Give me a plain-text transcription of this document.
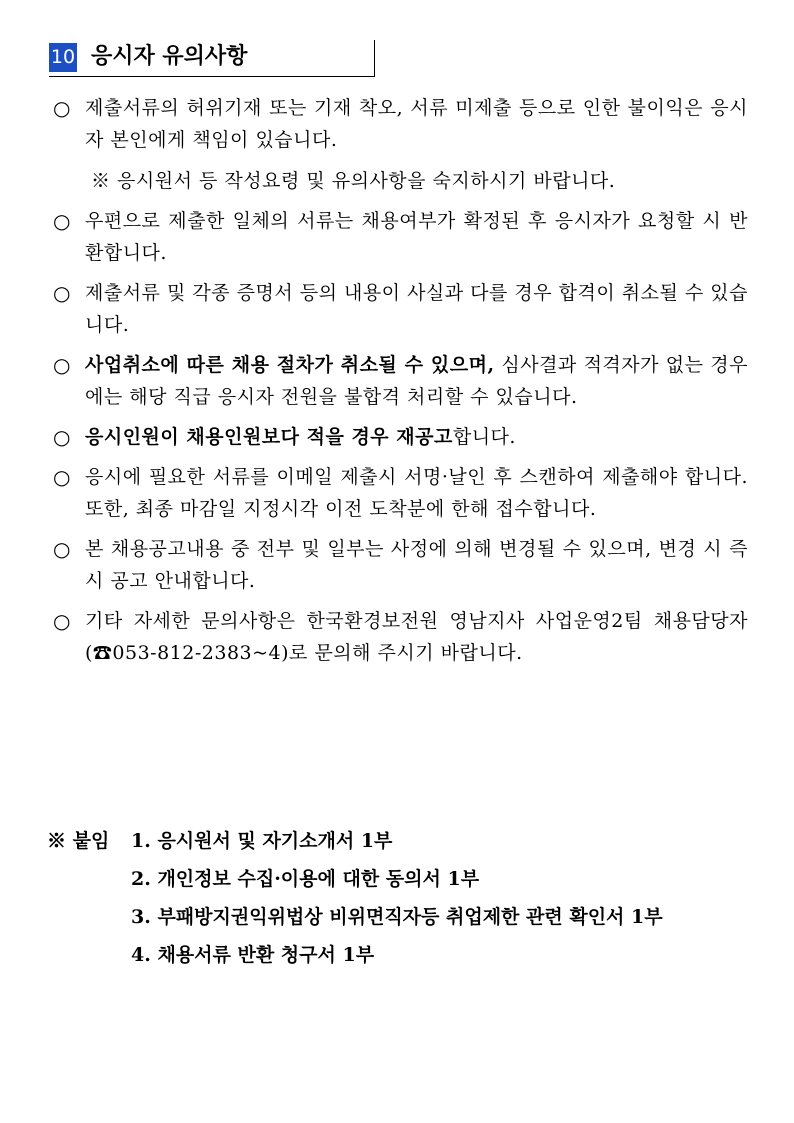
10 응시자 유의사항
○ 제출서류의 허위기재 또는 기재 착오, 서류 미제출 등으로 인한 불이익은 응시자 본인에게 책임이 있습니다.
※ 응시원서 등 작성요령 및 유의사항을 숙지하시기 바랍니다.
○ 우편으로 제출한 일체의 서류는 채용여부가 확정된 후 응시자가 요청할 시 반환합니다.
○ 제출서류 및 각종 증명서 등의 내용이 사실과 다를 경우 합격이 취소될 수 있습니다.
○ 사업취소에 따른 채용 절차가 취소될 수 있으며, 심사결과 적격자가 없는 경우에는 해당 직급 응시자 전원을 불합격 처리할 수 있습니다.
○ 응시인원이 채용인원보다 적을 경우 재공고합니다.
○ 응시에 필요한 서류를 이메일 제출시 서명·날인 후 스캔하여 제출해야 합니다. 또한, 최종 마감일 지정시각 이전 도착분에 한해 접수합니다.
○ 본 채용공고내용 중 전부 및 일부는 사정에 의해 변경될 수 있으며, 변경 시 즉시 공고 안내합니다.
○ 기타 자세한 문의사항은 한국환경보전원 영남지사 사업운영2팀 채용담당자(☎053-812-2383~4)로 문의해 주시기 바랍니다.
※ 붙임 1. 응시원서 및 자기소개서 1부
2. 개인정보 수집·이용에 대한 동의서 1부
3. 부패방지권익위법상 비위면직자등 취업제한 관련 확인서 1부
4. 채용서류 반환 청구서 1부
